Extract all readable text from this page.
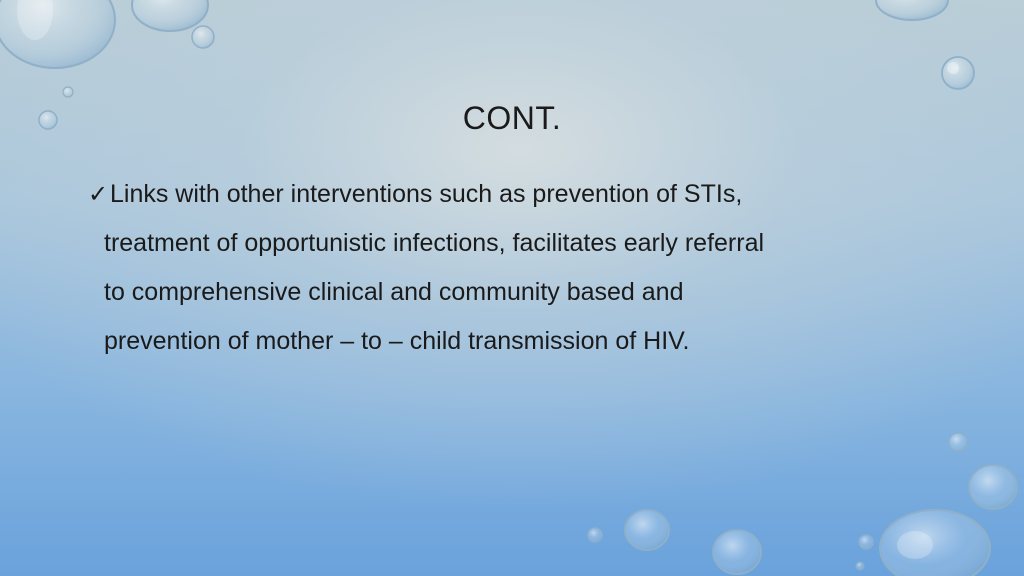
CONT.
✓Links with other interventions such as prevention of STIs,
treatment of opportunistic infections, facilitates early referral
to comprehensive clinical and community based and
prevention of mother – to – child transmission of HIV.
